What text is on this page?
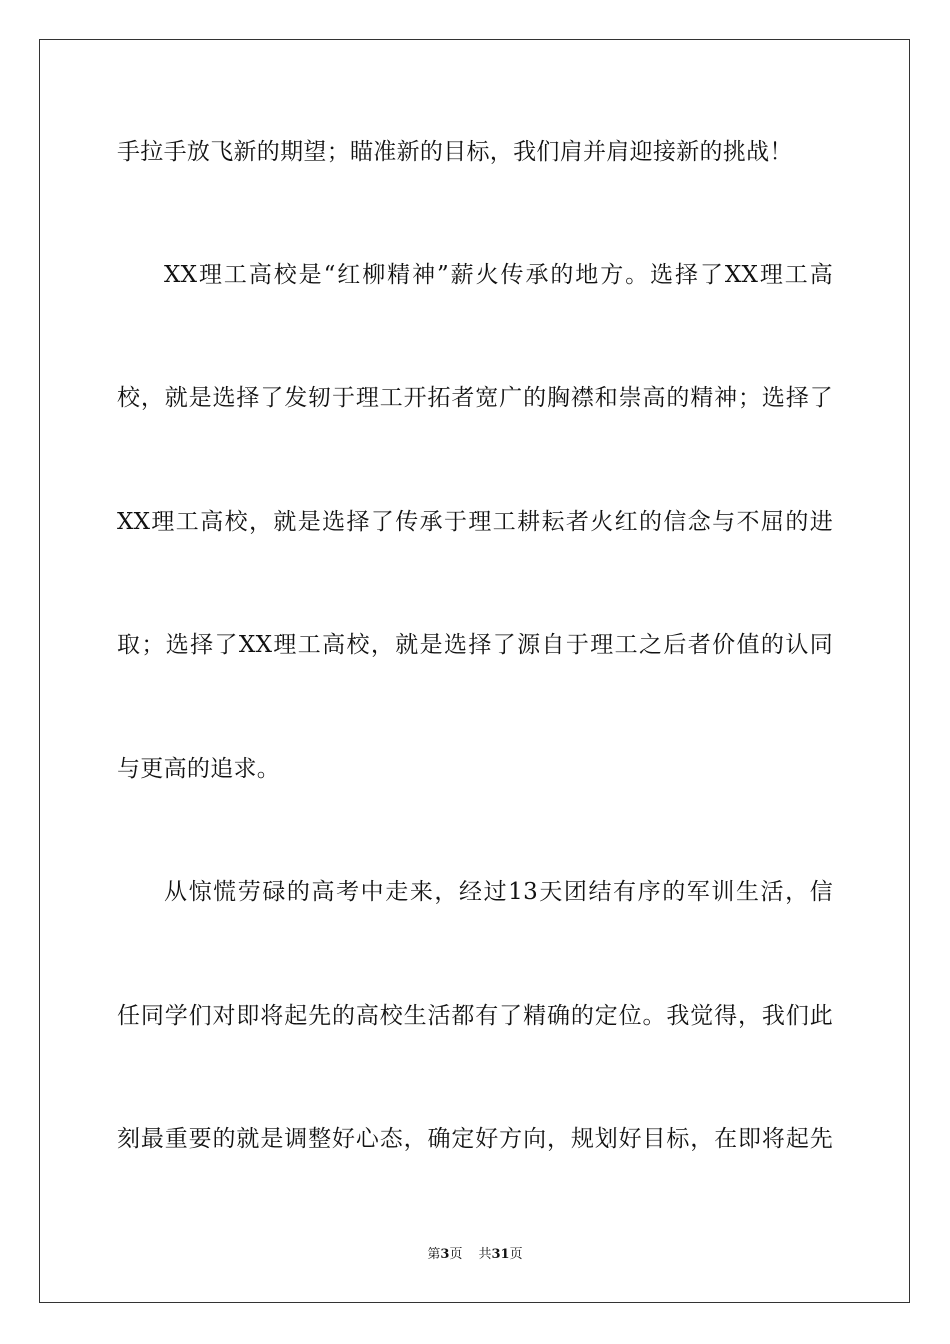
手拉手放飞新的期望；瞄准新的目标，我们肩并肩迎接新的挑战！
XX理工高校是“红柳精神”薪火传承的地方。选择了XX理工高
校，就是选择了发轫于理工开拓者宽广的胸襟和崇高的精神；选择了
XX理工高校，就是选择了传承于理工耕耘者火红的信念与不屈的进
取；选择了XX理工高校，就是选择了源自于理工之后者价值的认同
与更高的追求。
从惊慌劳碌的高考中走来，经过13天团结有序的军训生活，信
任同学们对即将起先的高校生活都有了精确的定位。我觉得，我们此
刻最重要的就是调整好心态，确定好方向，规划好目标，在即将起先
第3页 共31页
